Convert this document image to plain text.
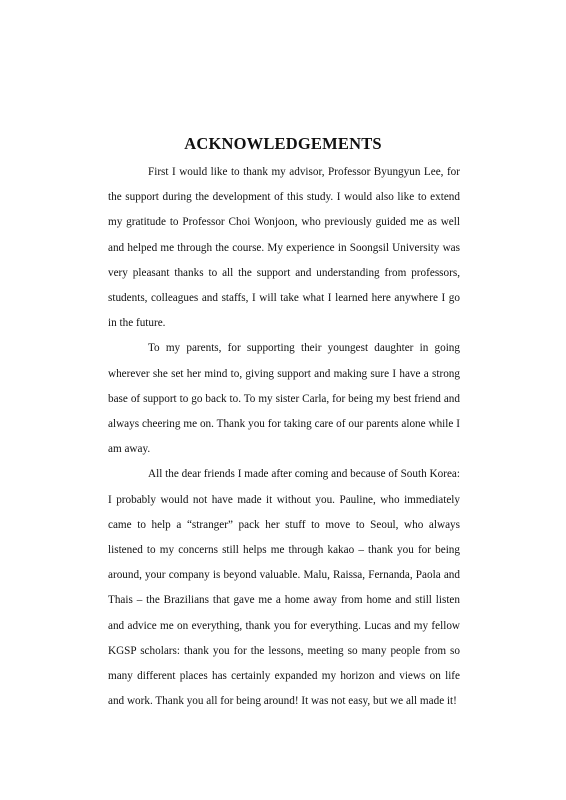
ACKNOWLEDGEMENTS

First I would like to thank my advisor, Professor Byungyun Lee, for the support during the development of this study. I would also like to extend my gratitude to Professor Choi Wonjoon, who previously guided me as well and helped me through the course. My experience in Soongsil University was very pleasant thanks to all the support and understanding from professors, students, colleagues and staffs, I will take what I learned here anywhere I go in the future.

To my parents, for supporting their youngest daughter in going wherever she set her mind to, giving support and making sure I have a strong base of support to go back to. To my sister Carla, for being my best friend and always cheering me on. Thank you for taking care of our parents alone while I am away.

All the dear friends I made after coming and because of South Korea: I probably would not have made it without you. Pauline, who immediately came to help a “stranger” pack her stuff to move to Seoul, who always listened to my concerns still helps me through kakao – thank you for being around, your company is beyond valuable. Malu, Raissa, Fernanda, Paola and Thais – the Brazilians that gave me a home away from home and still listen and advice me on everything, thank you for everything. Lucas and my fellow KGSP scholars: thank you for the lessons, meeting so many people from so many different places has certainly expanded my horizon and views on life and work. Thank you all for being around! It was not easy, but we all made it!
